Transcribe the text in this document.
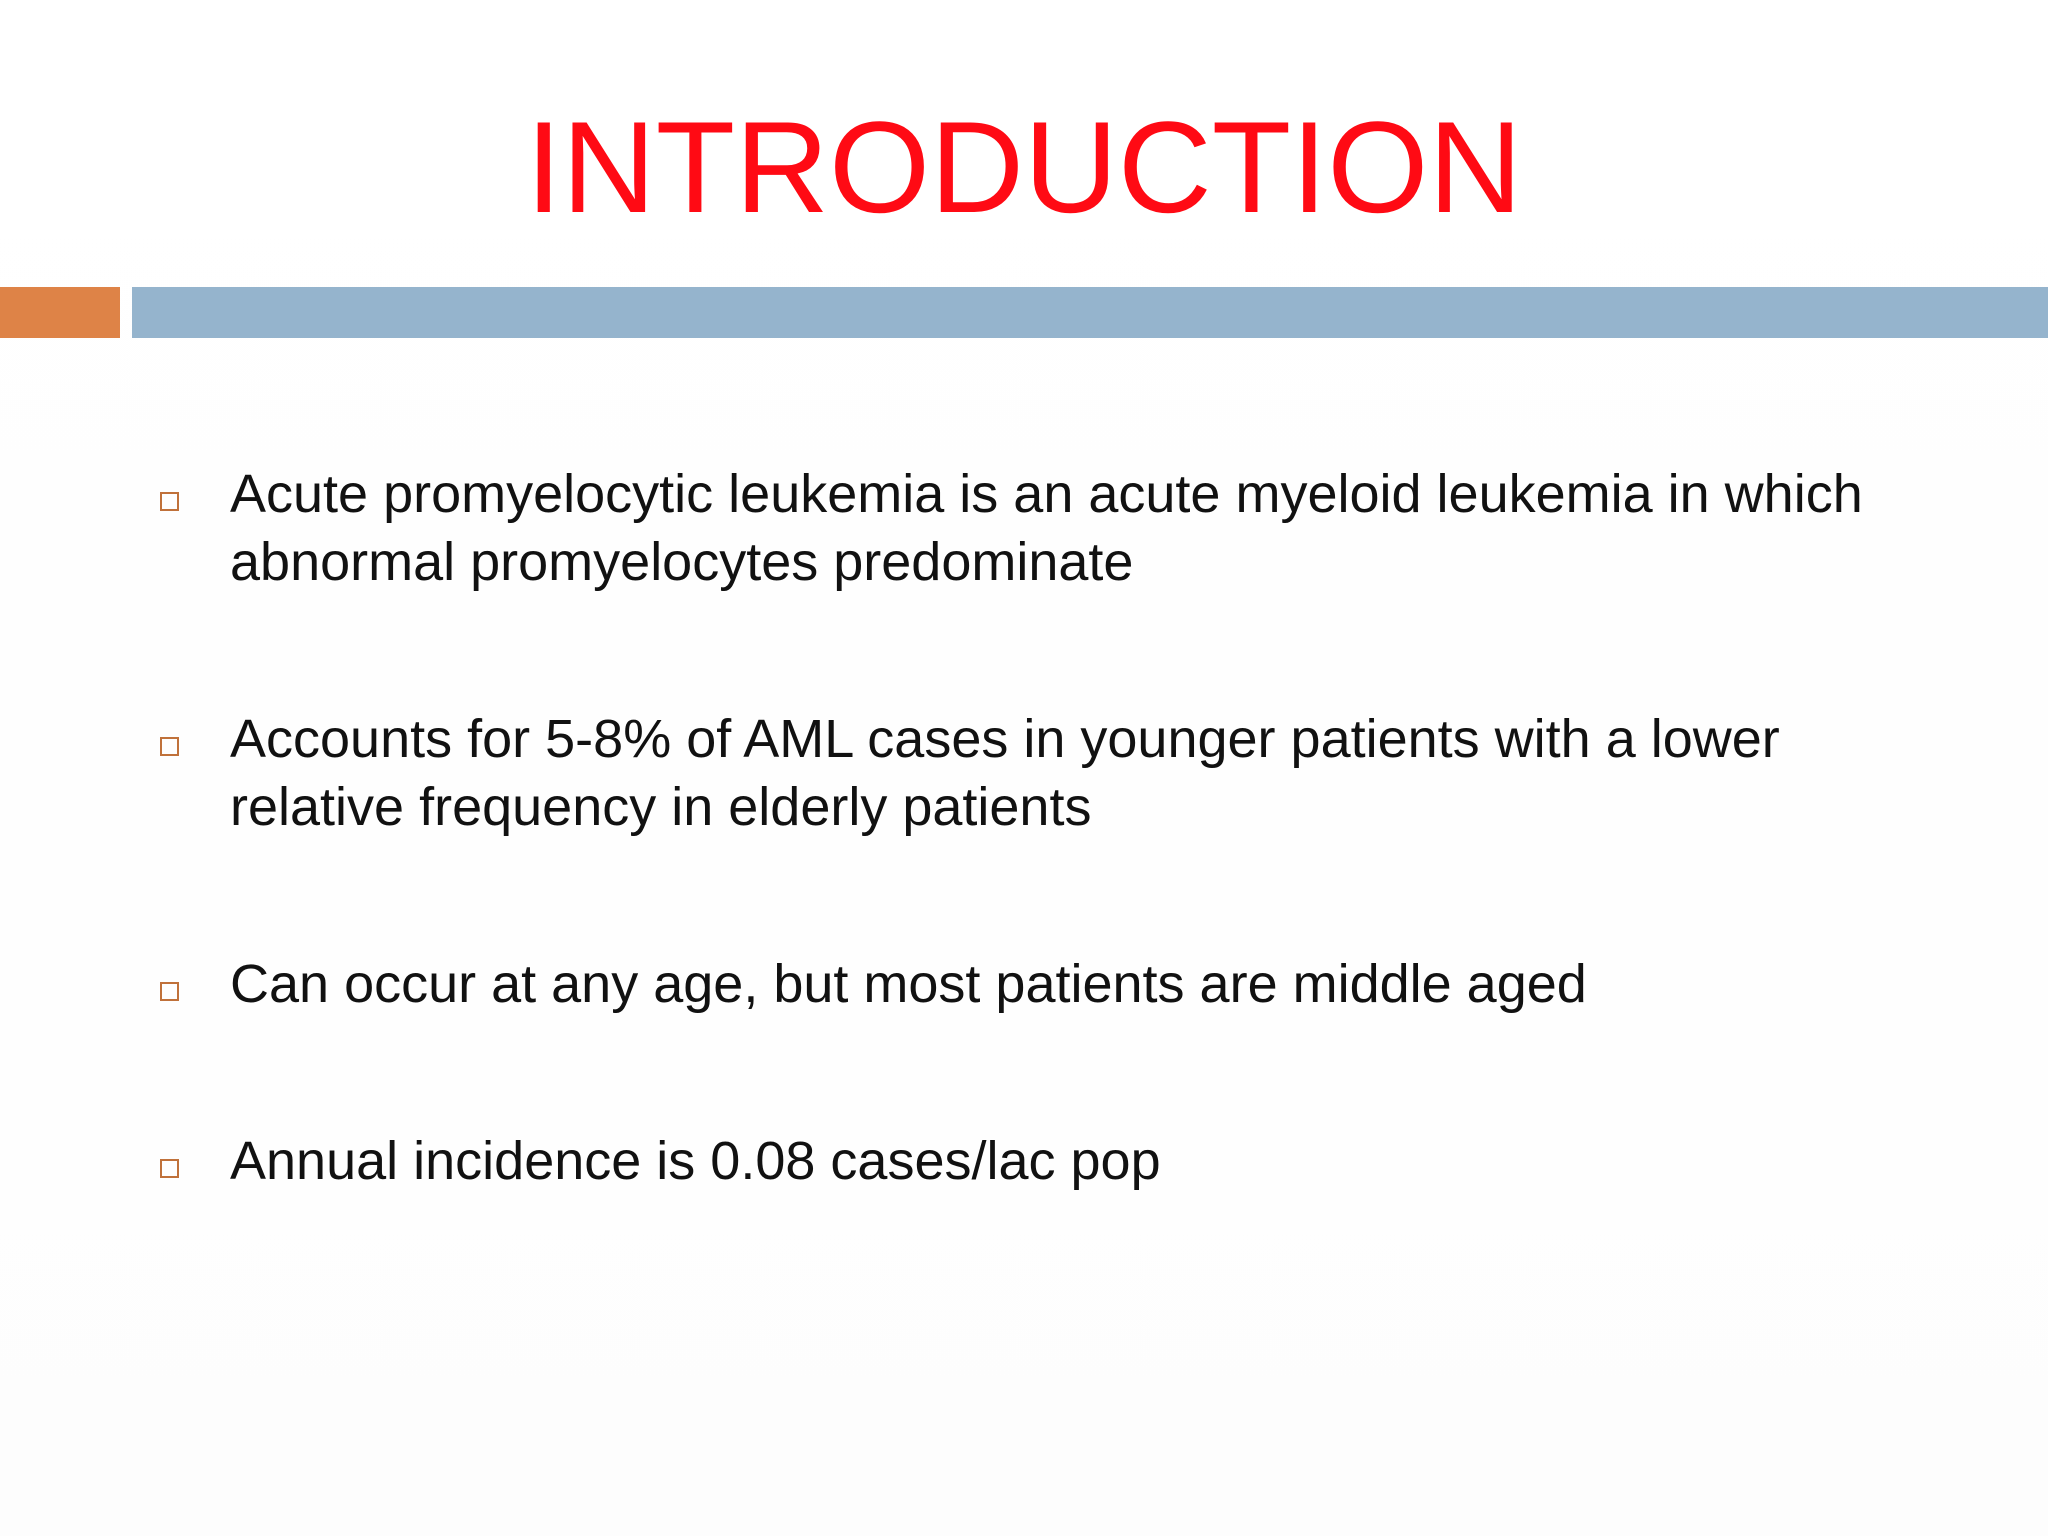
INTRODUCTION
Acute promyelocytic leukemia is an acute myeloid leukemia in which abnormal promyelocytes predominate
Accounts for 5-8% of AML cases in younger patients with a lower relative frequency in elderly patients
Can occur at any age, but most patients are middle aged
Annual incidence is 0.08 cases/lac pop
